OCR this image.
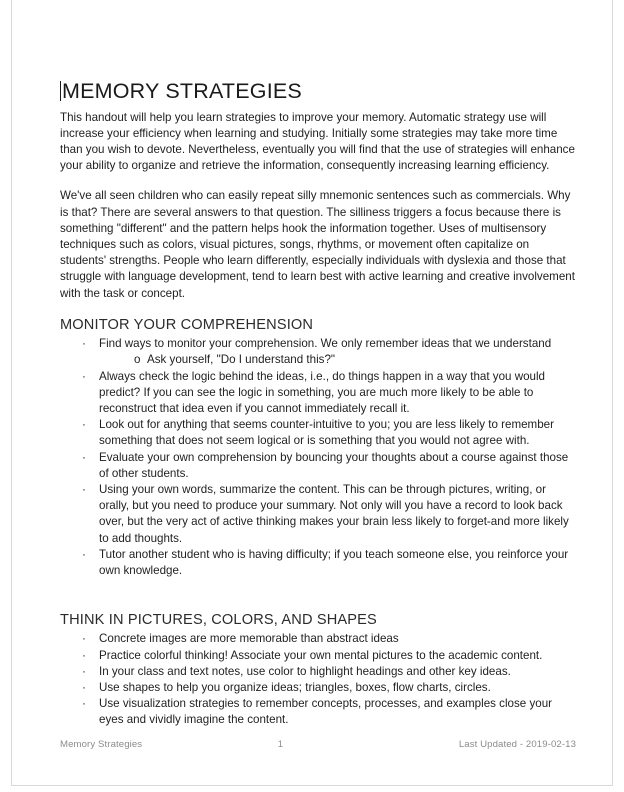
MEMORY STRATEGIES

This handout will help you learn strategies to improve your memory. Automatic strategy use will increase your efficiency when learning and studying. Initially some strategies may take more time than you wish to devote. Nevertheless, eventually you will find that the use of strategies will enhance your ability to organize and retrieve the information, consequently increasing learning efficiency.

We've all seen children who can easily repeat silly mnemonic sentences such as commercials. Why is that? There are several answers to that question. The silliness triggers a focus because there is something "different" and the pattern helps hook the information together. Uses of multisensory techniques such as colors, visual pictures, songs, rhythms, or movement often capitalize on students' strengths. People who learn differently, especially individuals with dyslexia and those that struggle with language development, tend to learn best with active learning and creative involvement with the task or concept.

MONITOR YOUR COMPREHENSION
· Find ways to monitor your comprehension. We only remember ideas that we understand
o Ask yourself, "Do I understand this?"
· Always check the logic behind the ideas, i.e., do things happen in a way that you would predict? If you can see the logic in something, you are much more likely to be able to reconstruct that idea even if you cannot immediately recall it.
· Look out for anything that seems counter-intuitive to you; you are less likely to remember something that does not seem logical or is something that you would not agree with.
· Evaluate your own comprehension by bouncing your thoughts about a course against those of other students.
· Using your own words, summarize the content. This can be through pictures, writing, or orally, but you need to produce your summary. Not only will you have a record to look back over, but the very act of active thinking makes your brain less likely to forget-and more likely to add thoughts.
· Tutor another student who is having difficulty; if you teach someone else, you reinforce your own knowledge.
THINK IN PICTURES, COLORS, AND SHAPES
· Concrete images are more memorable than abstract ideas
· Practice colorful thinking! Associate your own mental pictures to the academic content.
· In your class and text notes, use color to highlight headings and other key ideas.
· Use shapes to help you organize ideas; triangles, boxes, flow charts, circles.
· Use visualization strategies to remember concepts, processes, and examples close your eyes and vividly imagine the content.
Memory Strategies	1	Last Updated - 2019-02-13
